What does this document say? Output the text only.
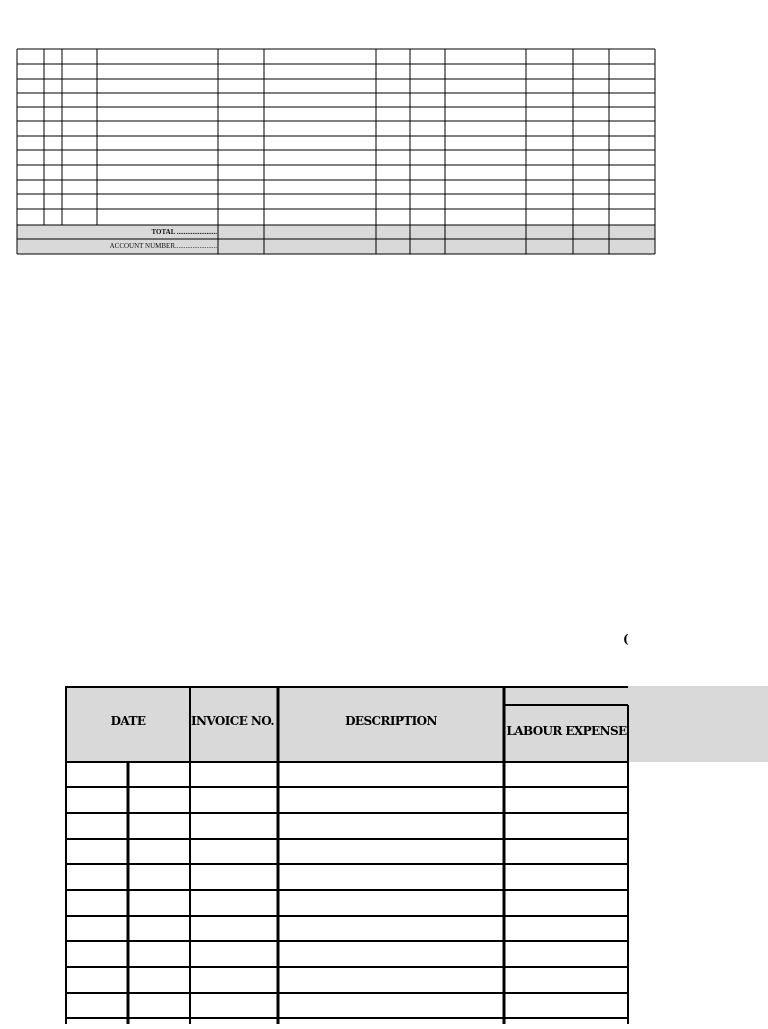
TOTAL .......................
ACCOUNT NUMBER........................
(
DATE	INVOICE NO.	DESCRIPTION
LABOUR EXPENSE
